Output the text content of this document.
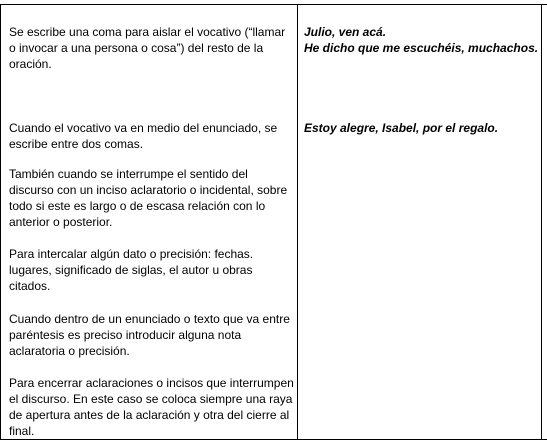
Se escribe una coma para aislar el vocativo (“llamar o invocar a una persona o cosa”) del resto de la oración.

Julio, ven acá.

He dicho que me escuchéis, muchachos.

Cuando el vocativo va en medio del enunciado, se escribe entre dos comas.

También cuando se interrumpe el sentido del discurso con un inciso aclaratorio o incidental, sobre todo si este es largo o de escasa relación con lo anterior o posterior.

Para intercalar algún dato o precisión: fechas. lugares, significado de siglas, el autor u obras citados.

Cuando dentro de un enunciado o texto que va entre paréntesis es preciso introducir alguna nota aclaratoria o precisión.

Para encerrar aclaraciones o incisos que interrumpen el discurso. En este caso se coloca siempre una raya de apertura antes de la aclaración y otra del cierre al final.

Estoy alegre, Isabel, por el regalo.
